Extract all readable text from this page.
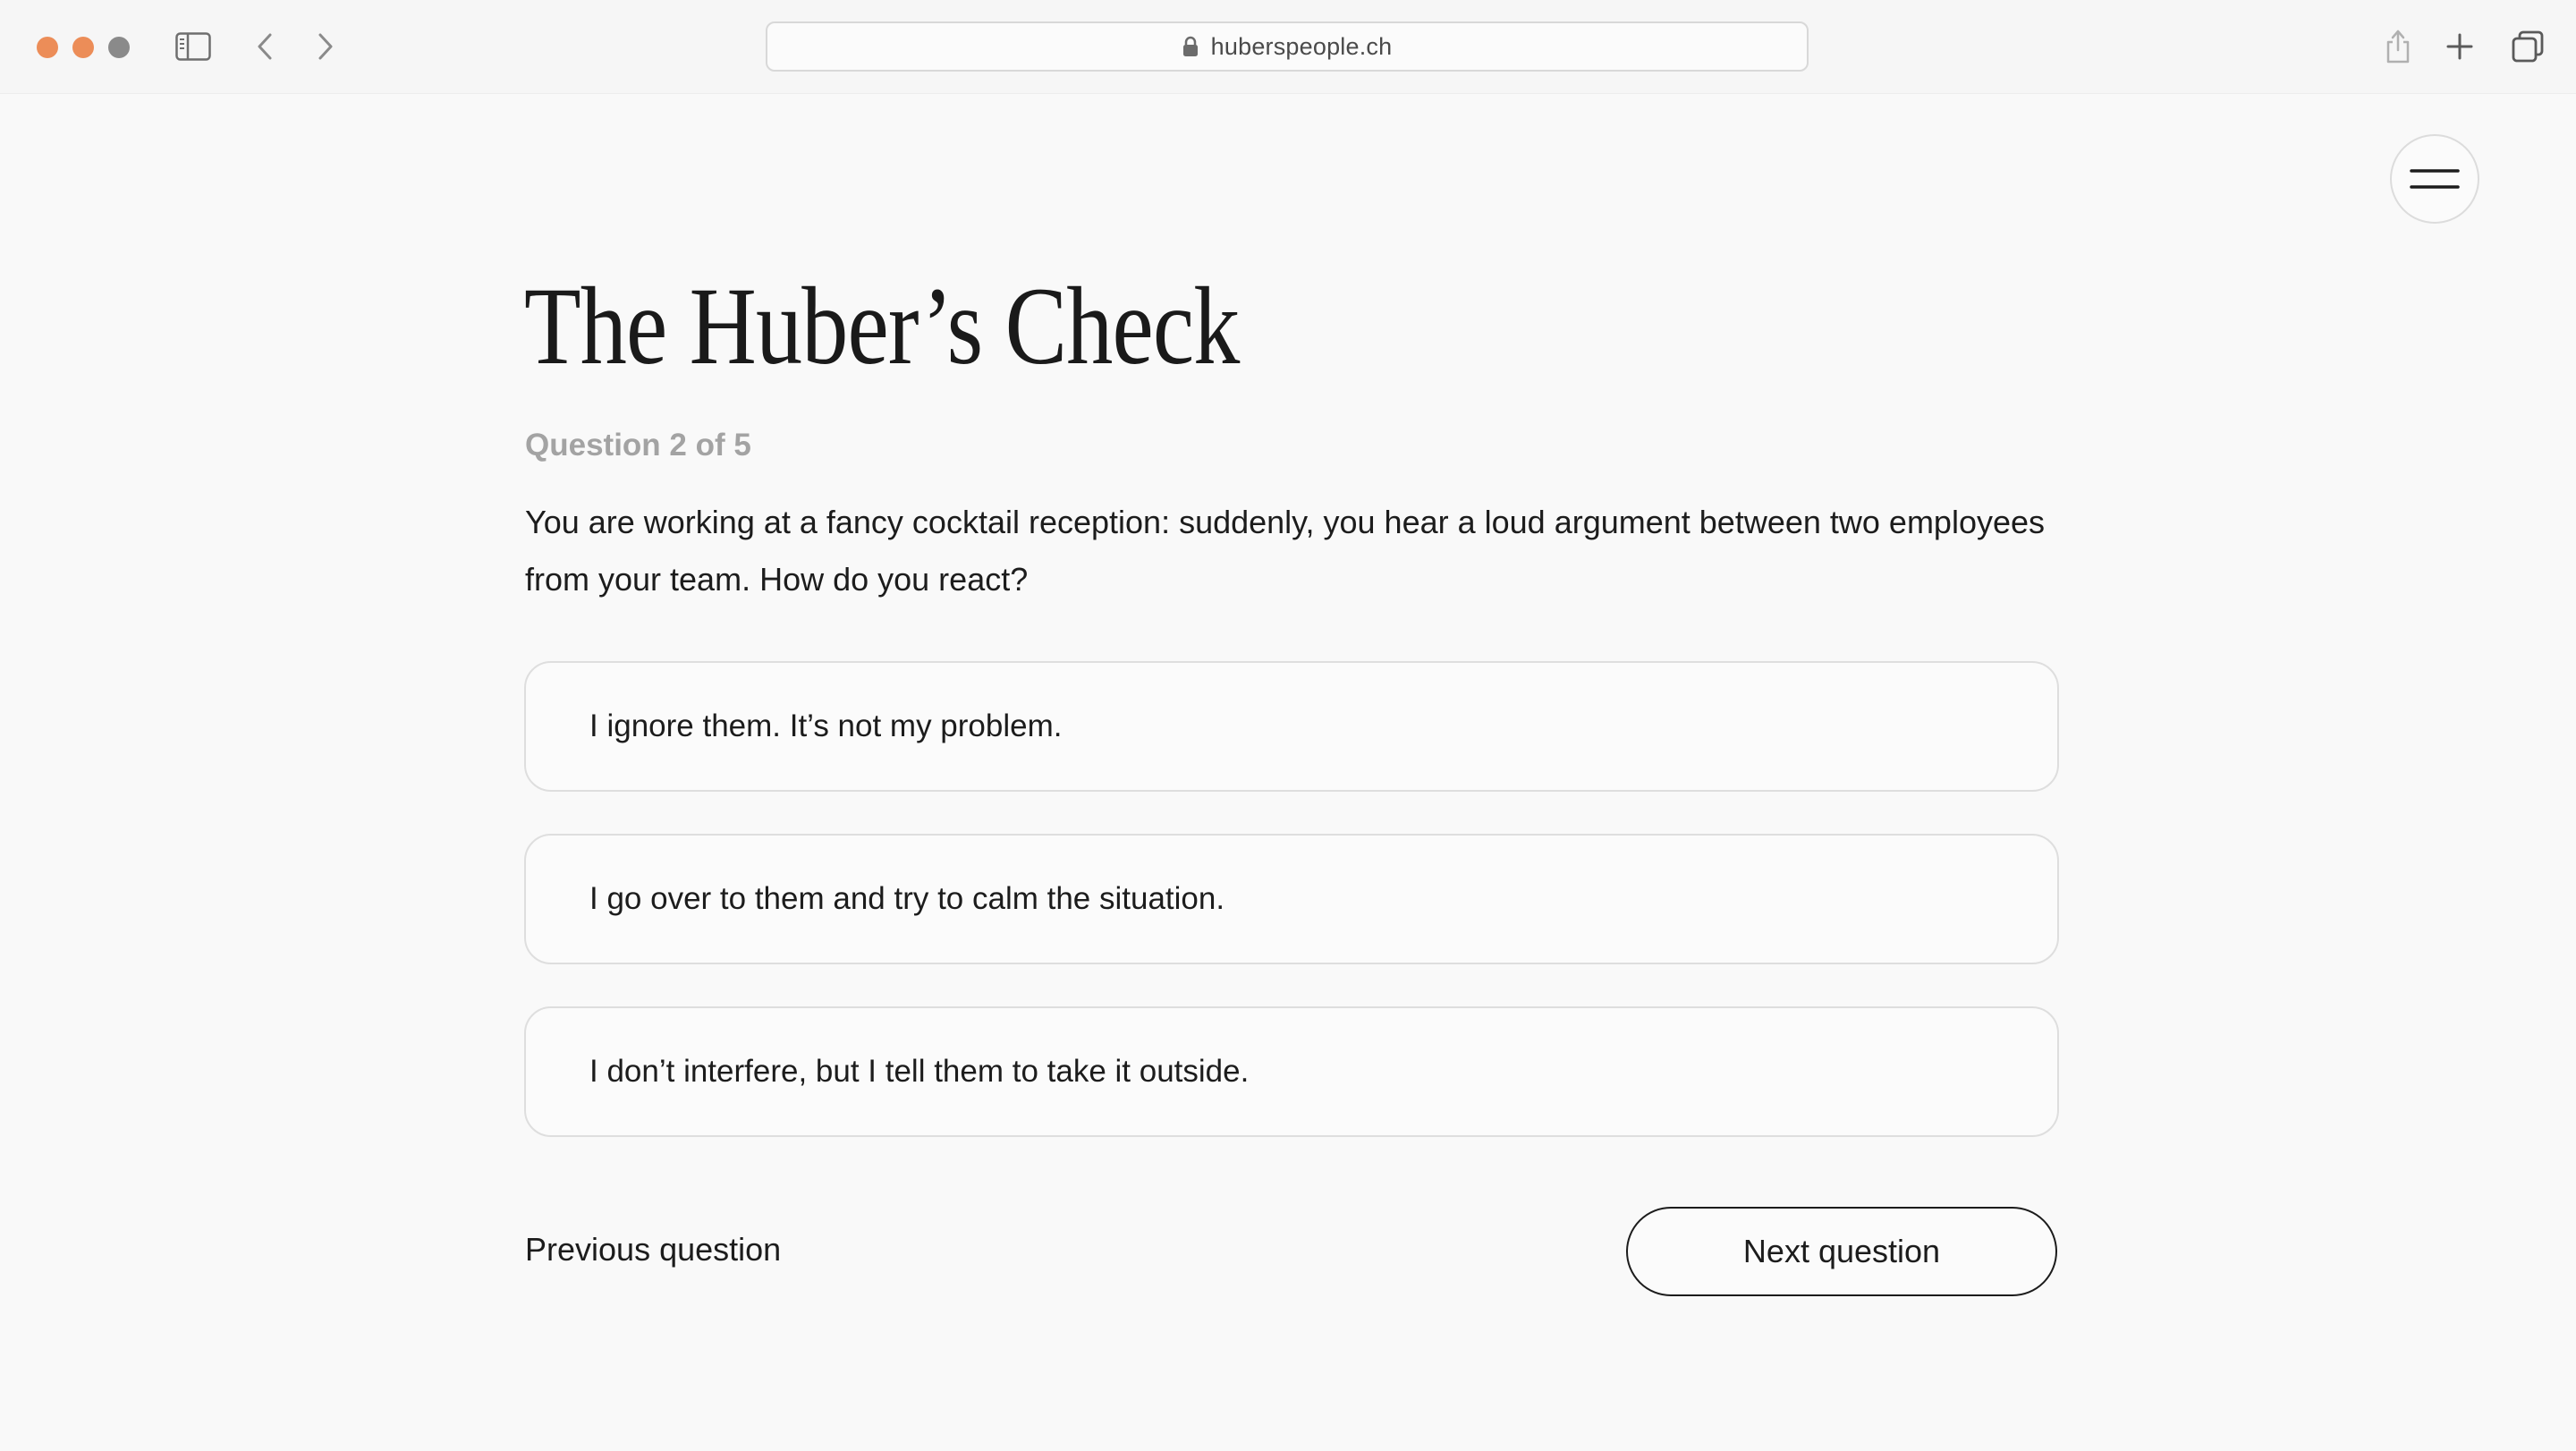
huberspeople.ch
The Huber’s Check
Question 2 of 5

You are working at a fancy cocktail reception: suddenly, you hear a loud argument between two employees from your team. How do you react?

I ignore them. It’s not my problem.
I go over to them and try to calm the situation.
I don’t interfere, but I tell them to take it outside.
Previous question	Next question
